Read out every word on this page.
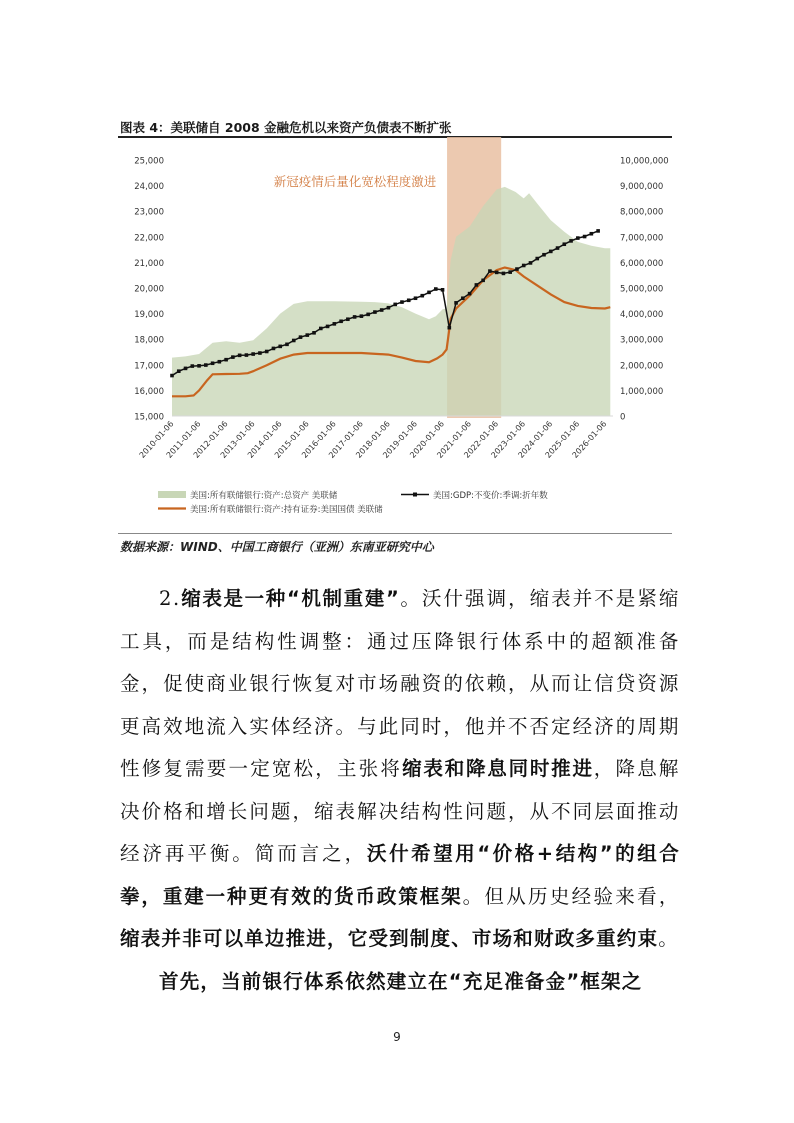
图表 4：美联储自 2008 金融危机以来资产负债表不断扩张
15,000
16,000
17,000
18,000
19,000
20,000
21,000
22,000
23,000
24,000
25,000
0
1,000,000
2,000,000
3,000,000
4,000,000
5,000,000
6,000,000
7,000,000
8,000,000
9,000,000
10,000,000
2010-01-06
2011-01-06
2012-01-06
2013-01-06
2014-01-06
2015-01-06
2016-01-06
2017-01-06
2018-01-06
2019-01-06
2020-01-06
2021-01-06
2022-01-06
2023-01-06
2024-01-06
2025-01-06
2026-01-06
新冠疫情后量化宽松程度激进
美国:所有联储银行:资产:总资产 美联储	美国:GDP:不变价:季调:折年数
美国:所有联储银行:资产:持有证券:美国国债 美联储
数据来源：WIND、中国工商银行（亚洲）东南亚研究中心

2.缩表是一种“机制重建”。沃什强调，缩表并不是紧缩工具，而是结构性调整：通过压降银行体系中的超额准备金，促使商业银行恢复对市场融资的依赖，从而让信贷资源更高效地流入实体经济。与此同时，他并不否定经济的周期性修复需要一定宽松，主张将缩表和降息同时推进，降息解决价格和增长问题，缩表解决结构性问题，从不同层面推动经济再平衡。简而言之，沃什希望用“价格+结构”的组合拳，重建一种更有效的货币政策框架。但从历史经验来看，缩表并非可以单边推进，它受到制度、市场和财政多重约束。

首先，当前银行体系依然建立在“充足准备金”框架之

9
